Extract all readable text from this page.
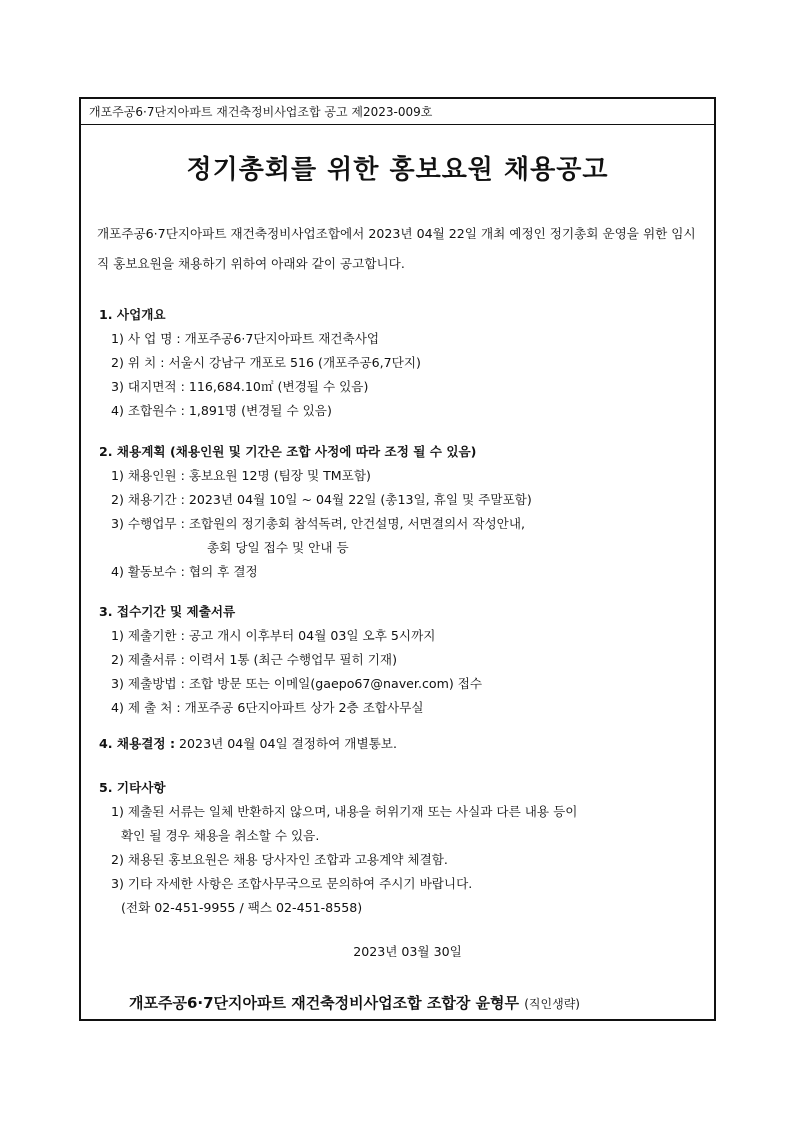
개포주공6·7단지아파트 재건축정비사업조합 공고 제2023-009호
정기총회를 위한 홍보요원 채용공고
개포주공6·7단지아파트 재건축정비사업조합에서 2023년 04월 22일 개최 예정인 정기총회 운영을 위한 임시직 홍보요원을 채용하기 위하여 아래와 같이 공고합니다.
1. 사업개요
1) 사 업 명 : 개포주공6·7단지아파트 재건축사업
2) 위 치 : 서울시 강남구 개포로 516 (개포주공6,7단지)
3) 대지면적 : 116,684.10㎡ (변경될 수 있음)
4) 조합원수 : 1,891명 (변경될 수 있음)
2. 채용계획 (채용인원 및 기간은 조합 사정에 따라 조정 될 수 있음)
1) 채용인원 : 홍보요원 12명 (팀장 및 TM포함)
2) 채용기간 : 2023년 04월 10일 ~ 04월 22일 (총13일, 휴일 및 주말포함)
3) 수행업무 : 조합원의 정기총회 참석독려, 안건설명, 서면결의서 작성안내,
총회 당일 접수 및 안내 등
4) 활동보수 : 협의 후 결정
3. 접수기간 및 제출서류
1) 제출기한 : 공고 개시 이후부터 04월 03일 오후 5시까지
2) 제출서류 : 이력서 1통 (최근 수행업무 필히 기재)
3) 제출방법 : 조합 방문 또는 이메일(gaepo67@naver.com) 접수
4) 제 출 처 : 개포주공 6단지아파트 상가 2층 조합사무실
4. 채용결정 : 2023년 04월 04일 결정하여 개별통보.
5. 기타사항
1) 제출된 서류는 일체 반환하지 않으며, 내용을 허위기재 또는 사실과 다른 내용 등이
확인 될 경우 채용을 취소할 수 있음.
2) 채용된 홍보요원은 채용 당사자인 조합과 고용계약 체결함.
3) 기타 자세한 사항은 조합사무국으로 문의하여 주시기 바랍니다.
(전화 02-451-9955 / 팩스 02-451-8558)
2023년 03월 30일
개포주공6·7단지아파트 재건축정비사업조합 조합장 윤형무 (직인생략)
